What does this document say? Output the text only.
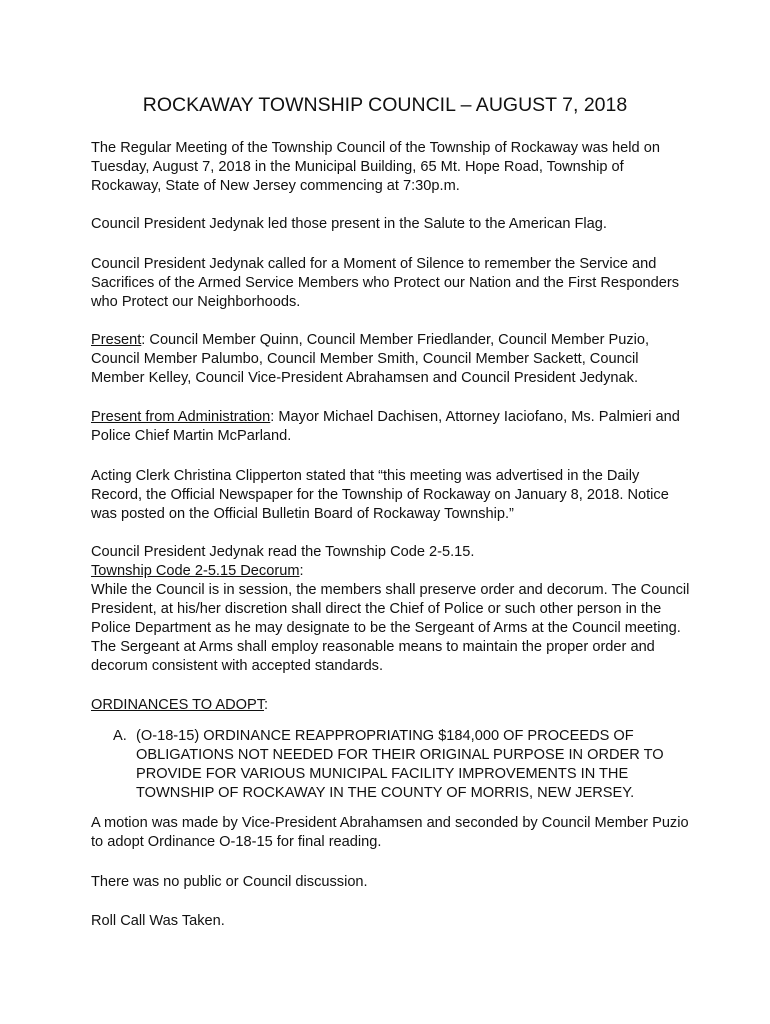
ROCKAWAY TOWNSHIP COUNCIL – AUGUST 7, 2018

The Regular Meeting of the Township Council of the Township of Rockaway was held on Tuesday, August 7, 2018 in the Municipal Building, 65 Mt. Hope Road, Township of Rockaway, State of New Jersey commencing at 7:30p.m.

Council President Jedynak led those present in the Salute to the American Flag.

Council President Jedynak called for a Moment of Silence to remember the Service and Sacrifices of the Armed Service Members who Protect our Nation and the First Responders who Protect our Neighborhoods.

Present: Council Member Quinn, Council Member Friedlander, Council Member Puzio, Council Member Palumbo, Council Member Smith, Council Member Sackett, Council Member Kelley, Council Vice-President Abrahamsen and Council President Jedynak.

Present from Administration: Mayor Michael Dachisen, Attorney Iaciofano, Ms. Palmieri and Police Chief Martin McParland.

Acting Clerk Christina Clipperton stated that “this meeting was advertised in the Daily Record, the Official Newspaper for the Township of Rockaway on January 8, 2018. Notice was posted on the Official Bulletin Board of Rockaway Township.”

Council President Jedynak read the Township Code 2-5.15.
Township Code 2-5.15 Decorum:
While the Council is in session, the members shall preserve order and decorum. The Council President, at his/her discretion shall direct the Chief of Police or such other person in the Police Department as he may designate to be the Sergeant of Arms at the Council meeting. The Sergeant at Arms shall employ reasonable means to maintain the proper order and decorum consistent with accepted standards.

ORDINANCES TO ADOPT:

A. (O-18-15) ORDINANCE REAPPROPRIATING $184,000 OF PROCEEDS OF OBLIGATIONS NOT NEEDED FOR THEIR ORIGINAL PURPOSE IN ORDER TO PROVIDE FOR VARIOUS MUNICIPAL FACILITY IMPROVEMENTS IN THE TOWNSHIP OF ROCKAWAY IN THE COUNTY OF MORRIS, NEW JERSEY.

A motion was made by Vice-President Abrahamsen and seconded by Council Member Puzio to adopt Ordinance O-18-15 for final reading.

There was no public or Council discussion.

Roll Call Was Taken.
